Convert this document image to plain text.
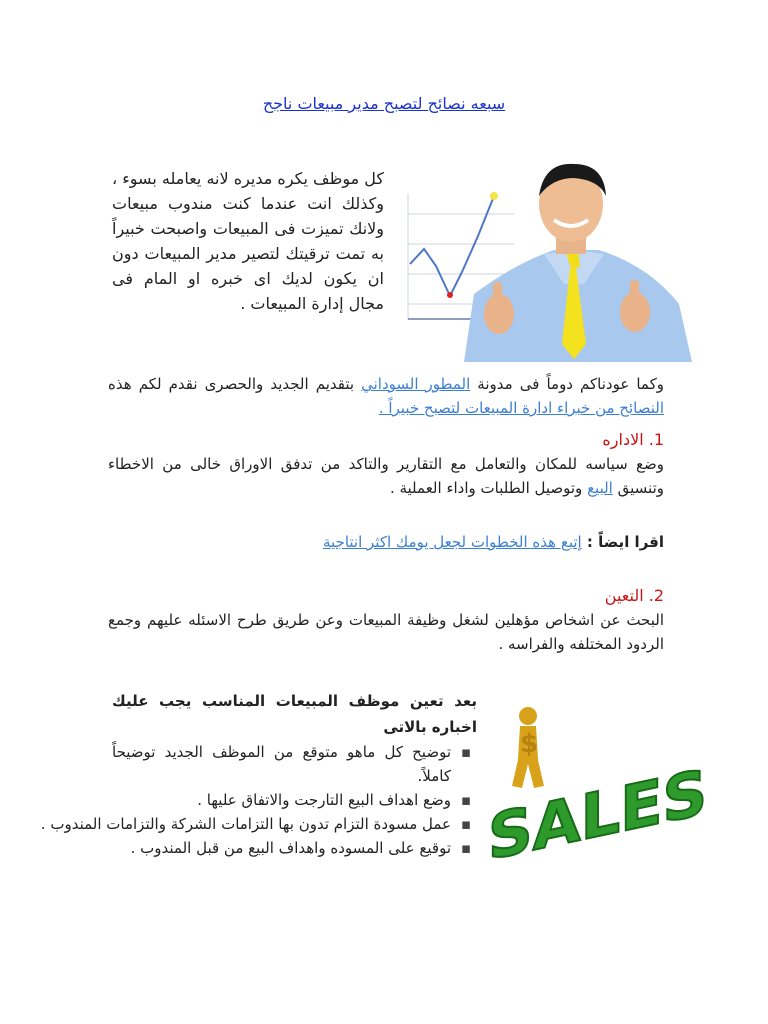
سبعه نصائح لتصبح مدير مبيعات ناجح

كل موظف يكره مديره لانه يعامله بسوء ، وكذلك انت عندما كنت مندوب مبيعات ولانك تميزت فى المبيعات واصبحت خبيراً به تمت ترقيتك لتصير مدير المبيعات دون ان يكون لديك اى خبره او المام فى مجال إدارة المبيعات .

وكما عودناكم دوماً فى مدونة المطور السوداني بتقديم الجديد والحصرى نقدم لكم هذه النصائح من خبراء ادارة المبيعات لتصبح خبيراً .

1. الاداره

وضع سياسه للمكان والتعامل مع التقارير والتاكد من تدفق الاوراق خالى من الاخطاء وتنسيق البيع وتوصيل الطلبات واداء العملية .

اقرا ايضاً : إتبع هذه الخطوات لجعل يومك اكثر انتاجية

2. التعين

البحث عن اشخاص مؤهلين لشغل وظيفة المبيعات وعن طريق طرح الاسئله عليهم وجمع الردود المختلفه والفراسه .

SALES
$

بعد تعين موظف المبيعات المناسب يجب عليك اخباره بالاتى

▪
توضيح كل ماهو متوقع من الموظف الجديد توضيحاً كاملاً.
▪
وضع اهداف البيع التارجت والاتفاق عليها .
▪
عمل مسودة التزام تدون بها التزامات الشركة والتزامات المندوب .
▪
توقيع على المسوده واهداف البيع من قبل المندوب .
